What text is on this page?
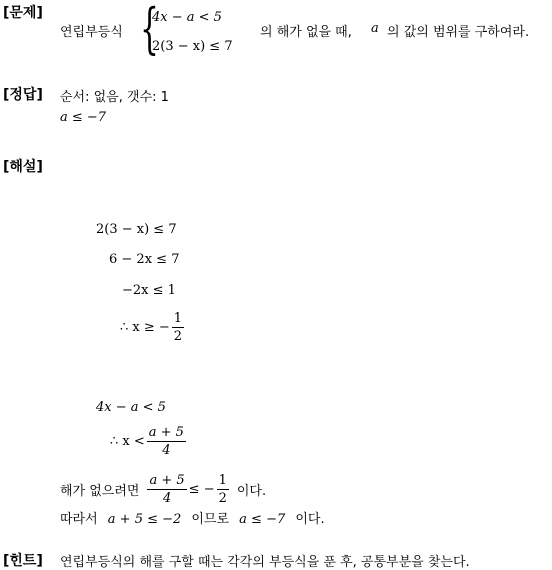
[문제]
연립부등식 {
4x − a < 5
2(3 − x) ≤ 7
의 해가 없을 때, a 의 값의 범위를 구하여라.
[정답] 순서: 없음, 갯수: 1
a ≤ −7
[해설]
2(3 − x) ≤ 7
6 − 2x ≤ 7
−2x ≤ 1
∴ x ≥ − $\frac{1}{2}$
4x − a < 5
∴ $x < \frac{a + 5}{4}$
해가 없으려면 $\frac{a + 5}{4}$ ≤ − $\frac{1}{2}$ 이다.
따라서 a + 5 ≤ −2 이므로 a ≤ −7 이다.
[힌트] 연립부등식의 해를 구할 때는 각각의 부등식을 푼 후, 공통부분을 찾는다.
